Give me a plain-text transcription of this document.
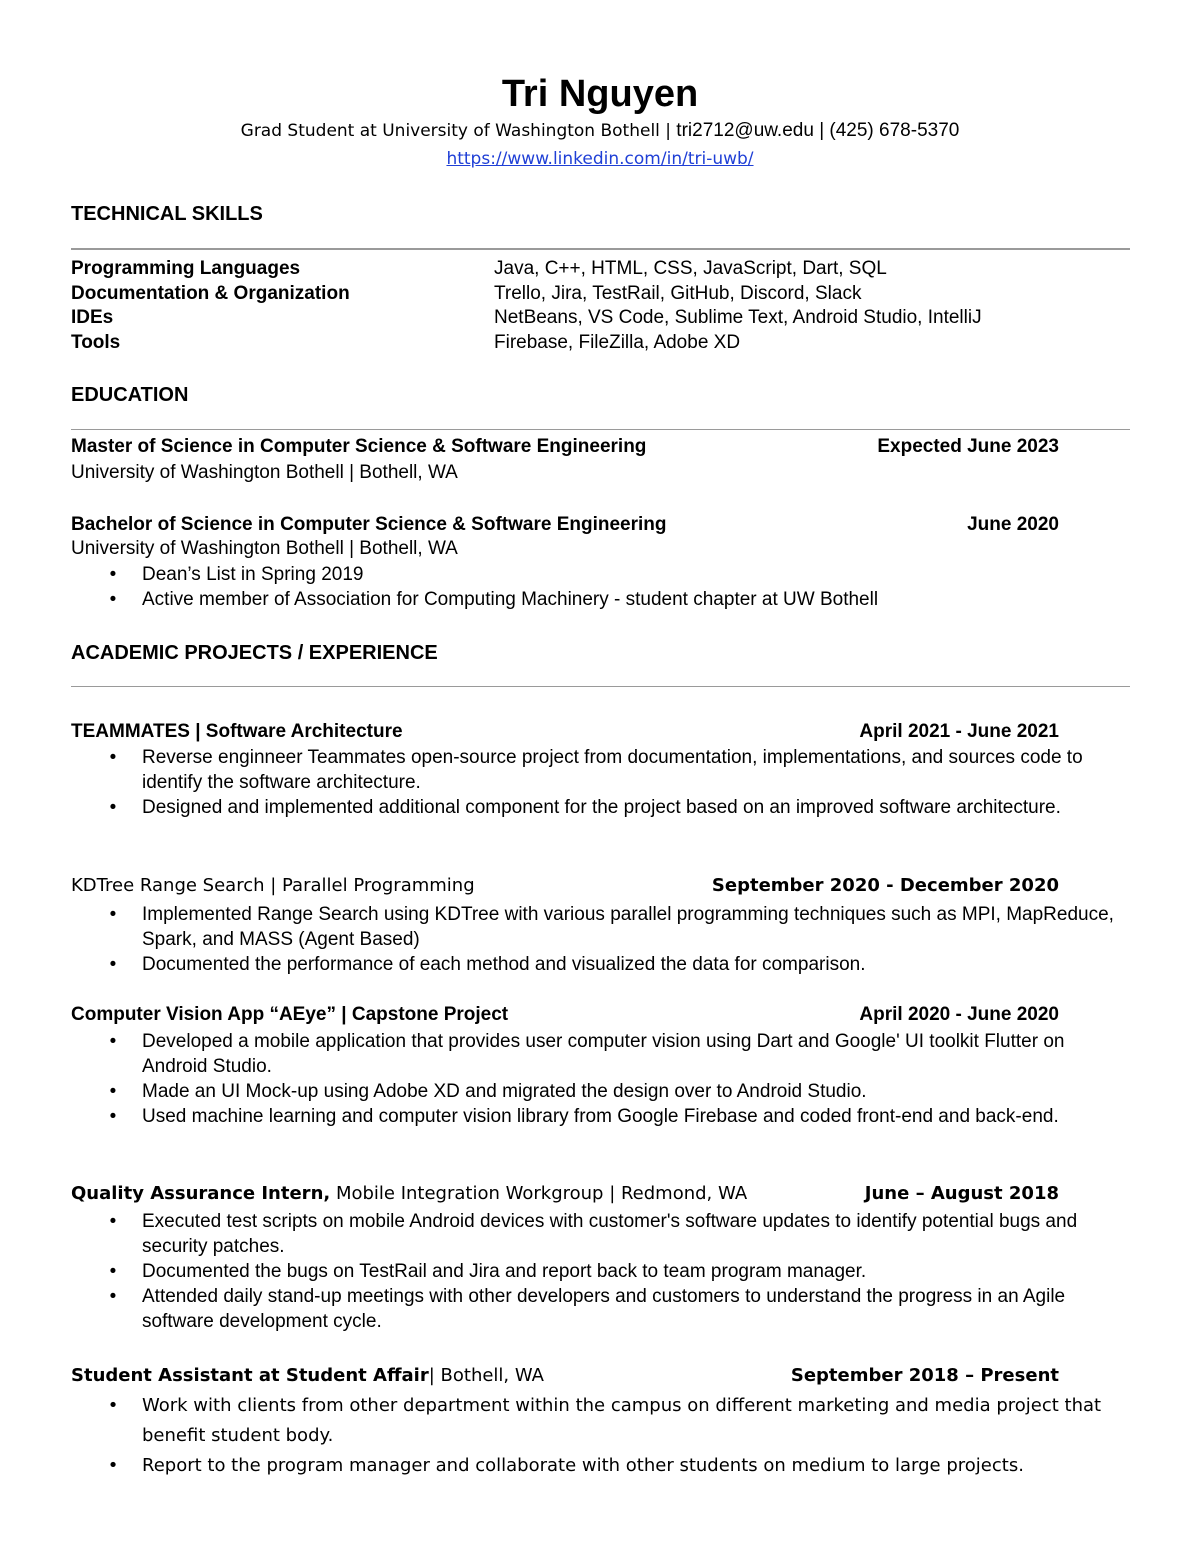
Tri Nguyen
Grad Student at University of Washington Bothell | tri2712@uw.edu | (425) 678-5370
https://www.linkedin.com/in/tri-uwb/
TECHNICAL SKILLS
Programming Languages	Java, C++, HTML, CSS, JavaScript, Dart, SQL
Documentation & Organization	Trello, Jira, TestRail, GitHub, Discord, Slack
IDEs	NetBeans, VS Code, Sublime Text, Android Studio, IntelliJ
Tools	Firebase, FileZilla, Adobe XD
EDUCATION
Master of Science in Computer Science & Software Engineering	Expected June 2023
University of Washington Bothell | Bothell, WA
Bachelor of Science in Computer Science & Software Engineering	June 2020
University of Washington Bothell | Bothell, WA
• Dean’s List in Spring 2019
• Active member of Association for Computing Machinery - student chapter at UW Bothell
ACADEMIC PROJECTS / EXPERIENCE
TEAMMATES | Software Architecture	April 2021 - June 2021
• Reverse enginneer Teammates open-source project from documentation, implementations, and sources code to identify the software architecture.
• Designed and implemented additional component for the project based on an improved software architecture.
KDTree Range Search | Parallel Programming	September 2020 - December 2020
• Implemented Range Search using KDTree with various parallel programming techniques such as MPI, MapReduce, Spark, and MASS (Agent Based)
• Documented the performance of each method and visualized the data for comparison.
Computer Vision App “AEye” | Capstone Project	April 2020 - June 2020
• Developed a mobile application that provides user computer vision using Dart and Google' UI toolkit Flutter on Android Studio.
• Made an UI Mock-up using Adobe XD and migrated the design over to Android Studio.
• Used machine learning and computer vision library from Google Firebase and coded front-end and back-end.
Quality Assurance Intern, Mobile Integration Workgroup | Redmond, WA	June – August 2018
• Executed test scripts on mobile Android devices with customer's software updates to identify potential bugs and security patches.
• Documented the bugs on TestRail and Jira and report back to team program manager.
• Attended daily stand-up meetings with other developers and customers to understand the progress in an Agile software development cycle.
Student Assistant at Student Affair| Bothell, WA	September 2018 – Present
• Work with clients from other department within the campus on different marketing and media project that benefit student body.
• Report to the program manager and collaborate with other students on medium to large projects.
